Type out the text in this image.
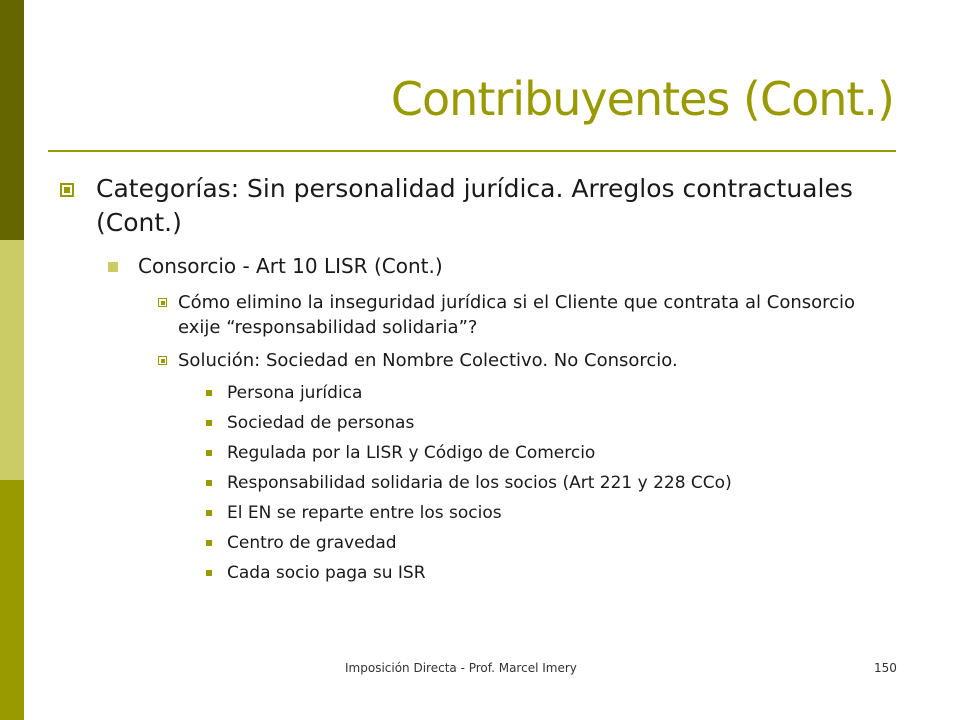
Contribuyentes (Cont.)
Categorías: Sin personalidad jurídica. Arreglos contractuales (Cont.)
Consorcio - Art 10 LISR (Cont.)
Cómo elimino la inseguridad jurídica si el Cliente que contrata al Consorcio exije “responsabilidad solidaria”?
Solución: Sociedad en Nombre Colectivo. No Consorcio.
Persona jurídica
Sociedad de personas
Regulada por la LISR y Código de Comercio
Responsabilidad solidaria de los socios (Art 221 y 228 CCo)
El EN se reparte entre los socios
Centro de gravedad
Cada socio paga su ISR
Imposición Directa - Prof. Marcel Imery	150
